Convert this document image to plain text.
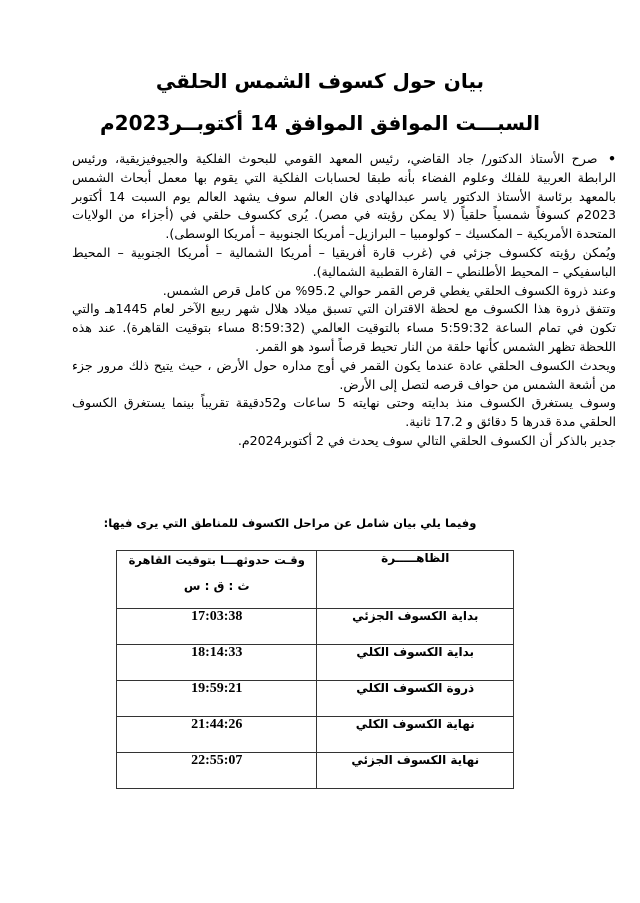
بيان حول كسوف الشمس الحلقي
السبـــت الموافق الموافق 14 أكتوبــر2023م

• صرح الأستاذ الدكتور/ جاد القاضي، رئيس المعهد القومي للبحوث الفلكية والجيوفيزيقية، ورئيس الرابطة العربية للفلك وعلوم الفضاء بأنه طبقا لحسابات الفلكية التي يقوم بها معمل أبحاث الشمس بالمعهد برئاسة الأستاذ الدكتور ياسر عبدالهادى فان العالم سوف يشهد العالم يوم السبت 14 أكتوبر 2023م كسوفاً شمسياً حلقياً (لا يمكن رؤيته في مصر). يُرى ككسوف حلقي في (أجزاء من الولايات المتحدة الأمريكية – المكسيك – كولومبيا – البرازيل– أمريكا الجنوبية – أمريكا الوسطى).

ويُمكن رؤيته ككسوف جزئي في (غرب قارة أفريقيا – أمريكا الشمالية – أمريكا الجنوبية – المحيط الباسفيكي – المحيط الأطلنطي – القارة القطبية الشمالية).

وعند ذروة الكسوف الحلقي يغطي قرص القمر حوالي 95.2% من كامل قرص الشمس.

وتتفق ذروة هذا الكسوف مع لحظة الاقتران التي تسبق ميلاد هلال شهر ربيع الآخر لعام 1445هـ والتي تكون في تمام الساعة 5:59:32 مساء بالتوقيت العالمي (8:59:32 مساء بتوقيت القاهرة). عند هذه اللحظة تظهر الشمس كأنها حلقة من النار تحيط قرصاً أسود هو القمر.

ويحدث الكسوف الحلقي عادة عندما يكون القمر في أوج مداره حول الأرض ، حيث يتيح ذلك مرور جزء من أشعة الشمس من حواف قرصه لتصل إلى الأرض.

وسوف يستغرق الكسوف منذ بدايته وحتى نهايته 5 ساعات و52دقيقة تقريباً بينما يستغرق الكسوف الحلقي مدة قدرها 5 دقائق و 17.2 ثانية.

جدير بالذكر أن الكسوف الحلقي التالي سوف يحدث في 2 أكتوبر2024م.

وفيما يلي بيان شامل عن مراحل الكسوف للمناطق التي يرى فيها:
الظاهـــــرة	وقـت حدوثهـــا بتوقيت القاهرة
ث : ق : س

بداية الكسوف الجزئي	17:03:38
بداية الكسوف الكلي	18:14:33
ذروة الكسوف الكلي	19:59:21
نهاية الكسوف الكلي	21:44:26
نهاية الكسوف الجزئي	22:55:07
